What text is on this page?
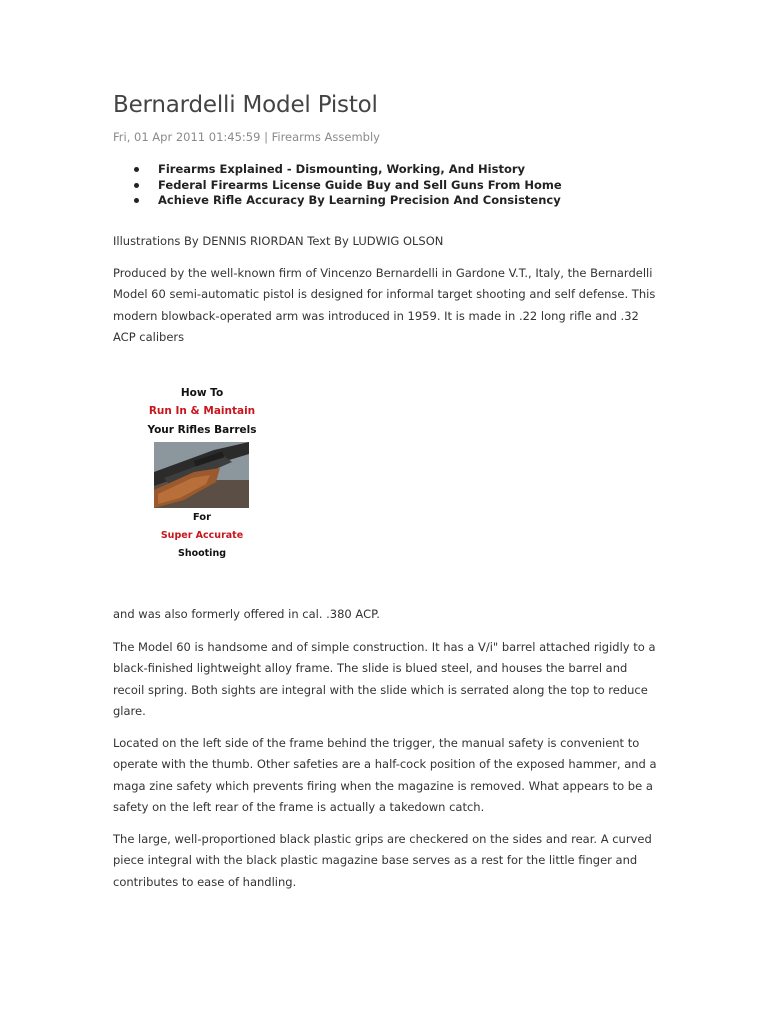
Bernardelli Model Pistol
Fri, 01 Apr 2011 01:45:59 | Firearms Assembly
Firearms Explained - Dismounting, Working, And History
Federal Firearms License Guide Buy and Sell Guns From Home
Achieve Rifle Accuracy By Learning Precision And Consistency

Illustrations By DENNIS RIORDAN Text By LUDWIG OLSON

Produced by the well-known firm of Vincenzo Bernardelli in Gardone V.T., Italy, the Bernardelli Model 60 semi-automatic pistol is designed for informal target shooting and self defense. This modern blowback-operated arm was introduced in 1959. It is made in .22 long rifle and .32 ACP calibers

and was also formerly offered in cal. .380 ACP.

The Model 60 is handsome and of simple construction. It has a V/i" barrel attached rigidly to a black-finished lightweight alloy frame. The slide is blued steel, and houses the barrel and recoil spring. Both sights are integral with the slide which is serrated along the top to reduce glare.

Located on the left side of the frame behind the trigger, the manual safety is convenient to operate with the thumb. Other safeties are a half-cock position of the exposed hammer, and a maga zine safety which prevents firing when the magazine is removed. What appears to be a safety on the left rear of the frame is actually a takedown catch.

The large, well-proportioned black plastic grips are checkered on the sides and rear. A curved piece integral with the black plastic magazine base serves as a rest for the little finger and contributes to ease of handling.

How To
Run In & Maintain
Your Rifles Barrels
For
Super Accurate
Shooting
